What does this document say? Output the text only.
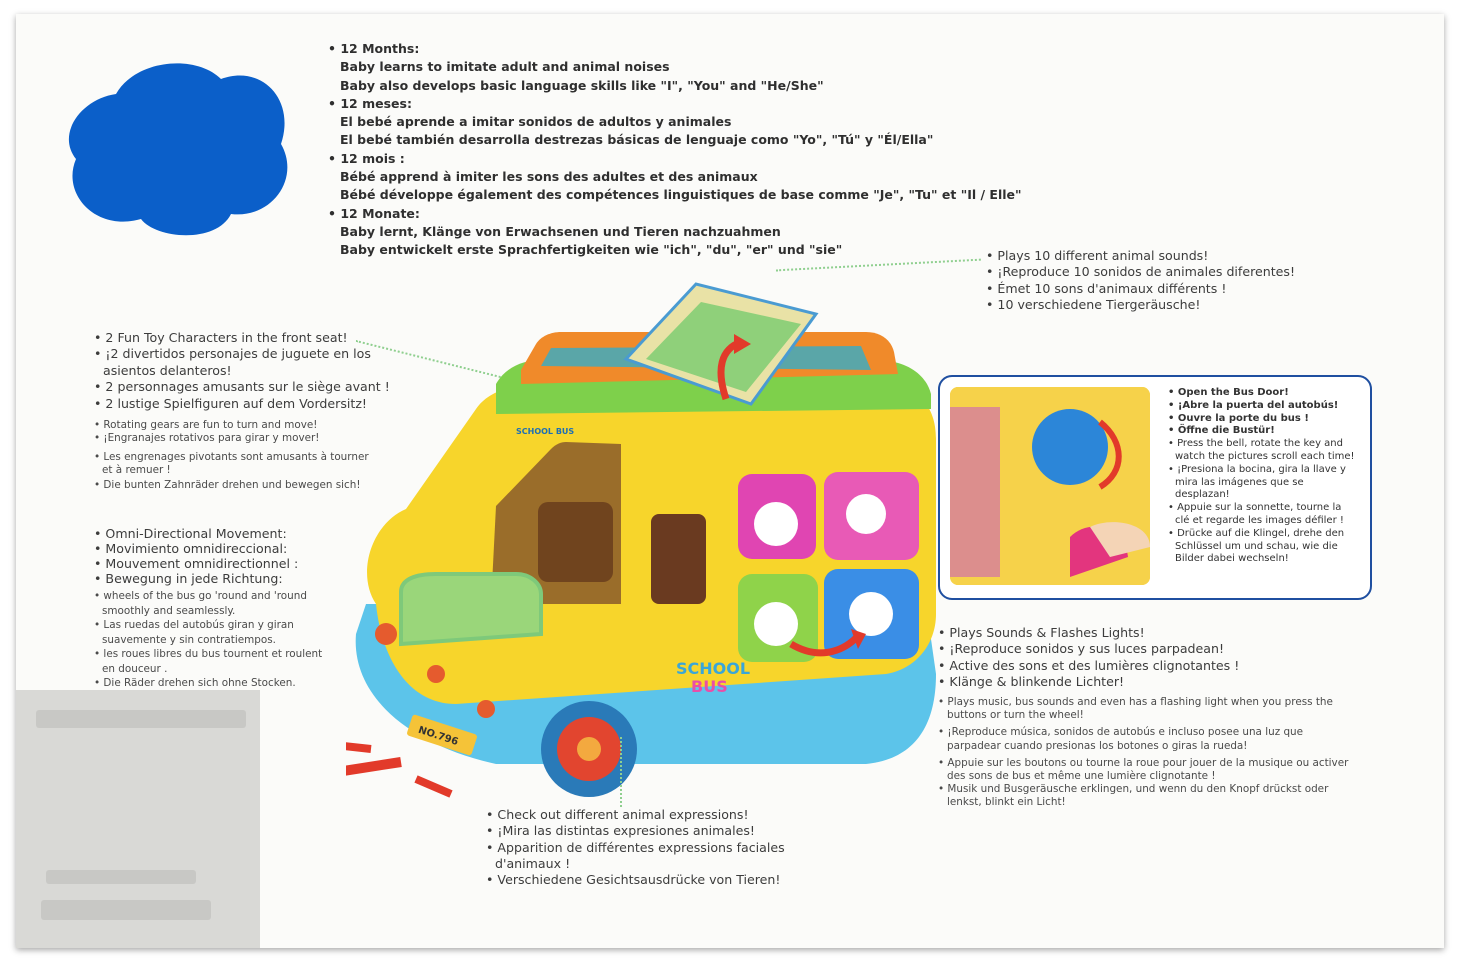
• 12 Months:
Baby learns to imitate adult and animal noises
Baby also develops basic language skills like "I", "You" and "He/She"
• 12 meses:
El bebé aprende a imitar sonidos de adultos y animales
El bebé también desarrolla destrezas básicas de lenguaje como "Yo", "Tú" y "Él/Ella"
• 12 mois :
Bébé apprend à imiter les sons des adultes et des animaux
Bébé développe également des compétences linguistiques de base comme "Je", "Tu" et "Il / Elle"
• 12 Monate:
Baby lernt, Klänge von Erwachsenen und Tieren nachzuahmen
Baby entwickelt erste Sprachfertigkeiten wie "ich", "du", "er" und "sie"	• Plays 10 different animal sounds!
• ¡Reproduce 10 sonidos de animales diferentes!
• Émet 10 sons d'animaux différents !
• 10 verschiedene Tiergeräusche!
• 2 Fun Toy Characters in the front seat!
• ¡2 divertidos personajes de juguete en los
asientos delanteros!
• 2 personnages amusants sur le siège avant !
• 2 lustige Spielfiguren auf dem Vordersitz!
• Rotating gears are fun to turn and move!
• ¡Engranajes rotativos para girar y mover!
• Les engrenages pivotants sont amusants à tourner
et à remuer !
• Die bunten Zahnräder drehen und bewegen sich!
• Omni-Directional Movement:
• Movimiento omnidireccional:
• Mouvement omnidirectionnel :
• Bewegung in jede Richtung:
• wheels of the bus go 'round and 'round
smoothly and seamlessly.
• Las ruedas del autobús giran y giran
suavemente y sin contratiempos.
• les roues libres du bus tournent et roulent
en douceur .
• Die Räder drehen sich ohne Stocken.
NO.796
SCHOOL
BUS
SCHOOL BUS
• Open the Bus Door!
• ¡Abre la puerta del autobús!
• Ouvre la porte du bus !
• Öffne die Bustür!
• Press the bell, rotate the key and
watch the pictures scroll each time!
• ¡Presiona la bocina, gira la llave y
mira las imágenes que se
desplazan!
• Appuie sur la sonnette, tourne la
clé et regarde les images défiler !
• Drücke auf die Klingel, drehe den
Schlüssel um und schau, wie die
Bilder dabei wechseln!
• Plays Sounds & Flashes Lights!
• ¡Reproduce sonidos y sus luces parpadean!
• Active des sons et des lumières clignotantes !
• Klänge & blinkende Lichter!
• Plays music, bus sounds and even has a flashing light when you press the
buttons or turn the wheel!
• ¡Reproduce música, sonidos de autobús e incluso posee una luz que
parpadear cuando presionas los botones o giras la rueda!
• Appuie sur les boutons ou tourne la roue pour jouer de la musique ou activer
des sons de bus et même une lumière clignotante !
• Musik und Busgeräusche erklingen, und wenn du den Knopf drückst oder
lenkst, blinkt ein Licht!
• Check out different animal expressions!
• ¡Mira las distintas expresiones animales!
• Apparition de différentes expressions faciales
d'animaux !
• Verschiedene Gesichtsausdrücke von Tieren!
